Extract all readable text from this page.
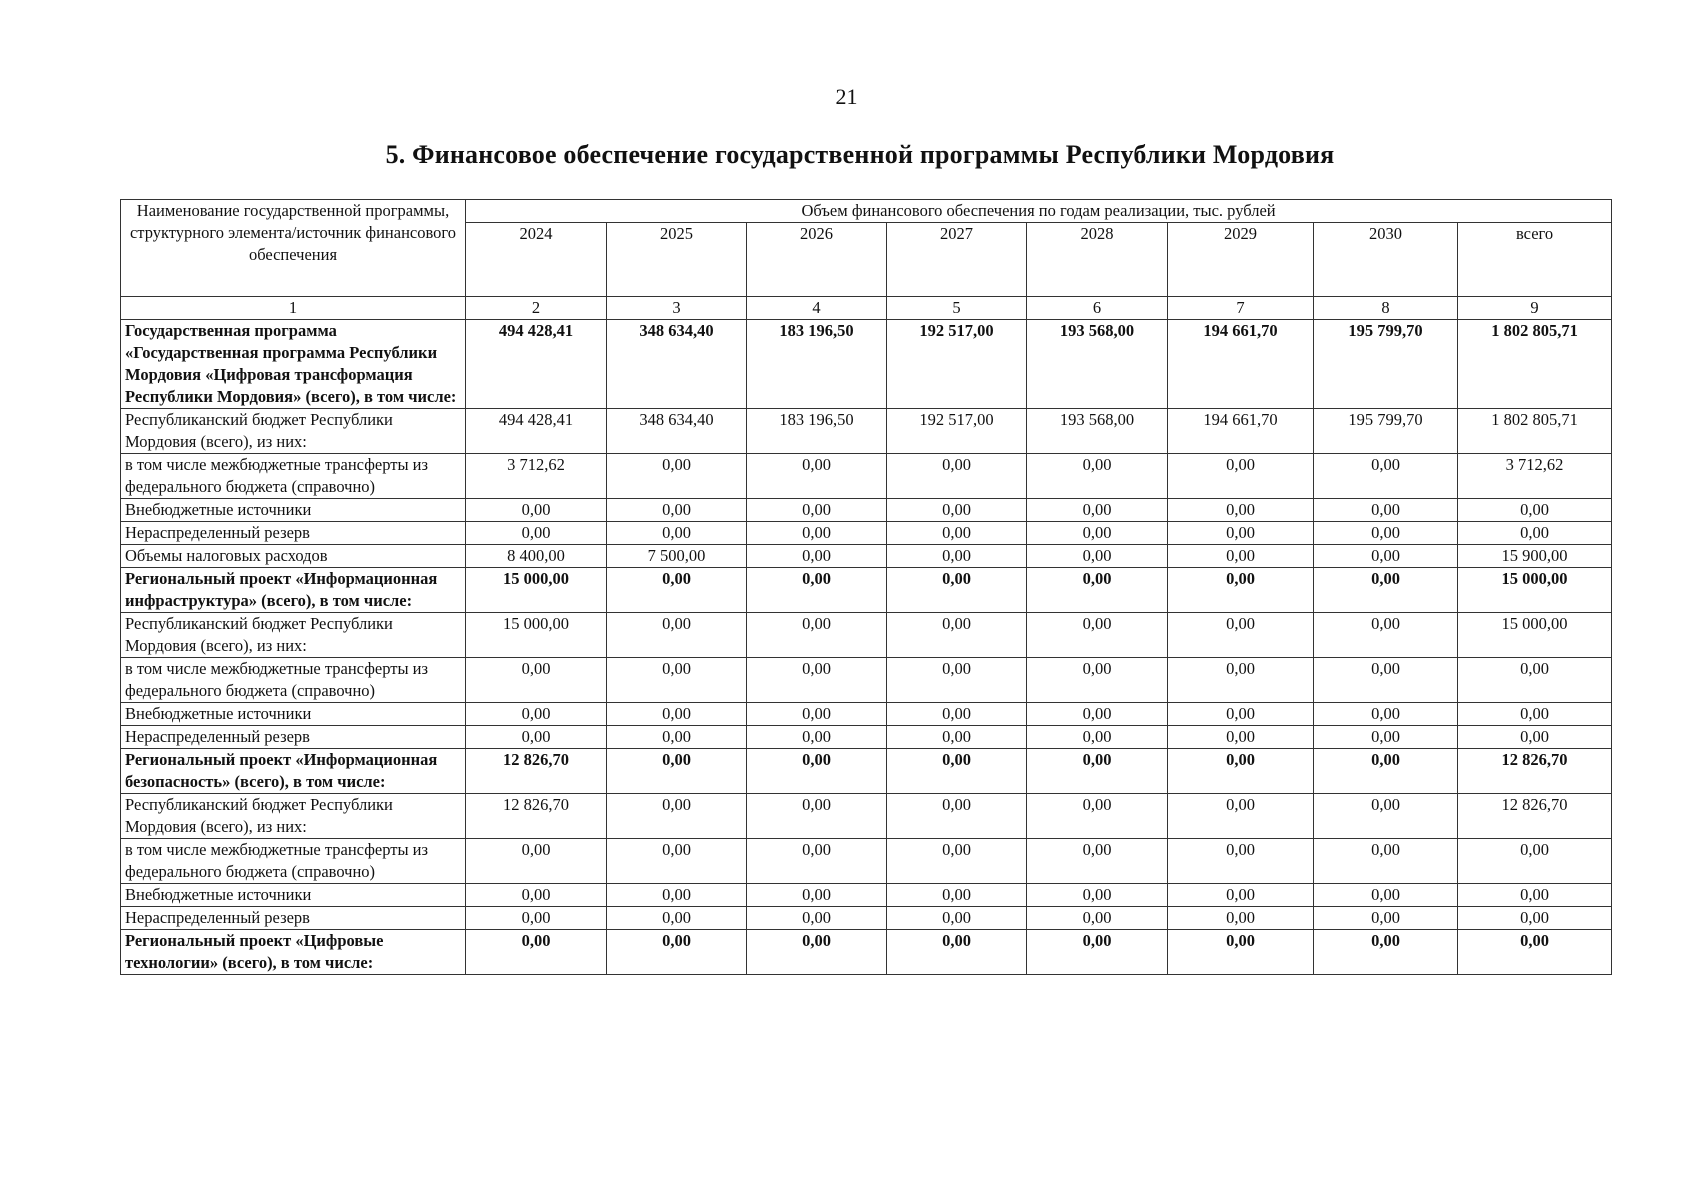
21
5. Финансовое обеспечение государственной программы Республики Мордовия
Наименование государственной программы, структурного элемента/источник финансового обеспечения	Объем финансового обеспечения по годам реализации, тыс. рублей							
	2024	2025	2026	2027	2028	2029	2030	всего
1	2	3	4	5	6	7	8	9
Государственная программа «Государственная программа Республики Мордовия «Цифровая трансформация Республики Мордовия» (всего), в том числе:	494 428,41	348 634,40	183 196,50	192 517,00	193 568,00	194 661,70	195 799,70	1 802 805,71
Республиканский бюджет Республики Мордовия (всего), из них:	494 428,41	348 634,40	183 196,50	192 517,00	193 568,00	194 661,70	195 799,70	1 802 805,71
в том числе межбюджетные трансферты из федерального бюджета (справочно)	3 712,62	0,00	0,00	0,00	0,00	0,00	0,00	3 712,62
Внебюджетные источники	0,00	0,00	0,00	0,00	0,00	0,00	0,00	0,00
Нераспределенный резерв	0,00	0,00	0,00	0,00	0,00	0,00	0,00	0,00
Объемы налоговых расходов	8 400,00	7 500,00	0,00	0,00	0,00	0,00	0,00	15 900,00
Региональный проект «Информационная инфраструктура» (всего), в том числе:	15 000,00	0,00	0,00	0,00	0,00	0,00	0,00	15 000,00
Республиканский бюджет Республики Мордовия (всего), из них:	15 000,00	0,00	0,00	0,00	0,00	0,00	0,00	15 000,00
в том числе межбюджетные трансферты из федерального бюджета (справочно)	0,00	0,00	0,00	0,00	0,00	0,00	0,00	0,00
Внебюджетные источники	0,00	0,00	0,00	0,00	0,00	0,00	0,00	0,00
Нераспределенный резерв	0,00	0,00	0,00	0,00	0,00	0,00	0,00	0,00
Региональный проект «Информационная безопасность» (всего), в том числе:	12 826,70	0,00	0,00	0,00	0,00	0,00	0,00	12 826,70
Республиканский бюджет Республики Мордовия (всего), из них:	12 826,70	0,00	0,00	0,00	0,00	0,00	0,00	12 826,70
в том числе межбюджетные трансферты из федерального бюджета (справочно)	0,00	0,00	0,00	0,00	0,00	0,00	0,00	0,00
Внебюджетные источники	0,00	0,00	0,00	0,00	0,00	0,00	0,00	0,00
Нераспределенный резерв	0,00	0,00	0,00	0,00	0,00	0,00	0,00	0,00
Региональный проект «Цифровые технологии» (всего), в том числе:	0,00	0,00	0,00	0,00	0,00	0,00	0,00	0,00
